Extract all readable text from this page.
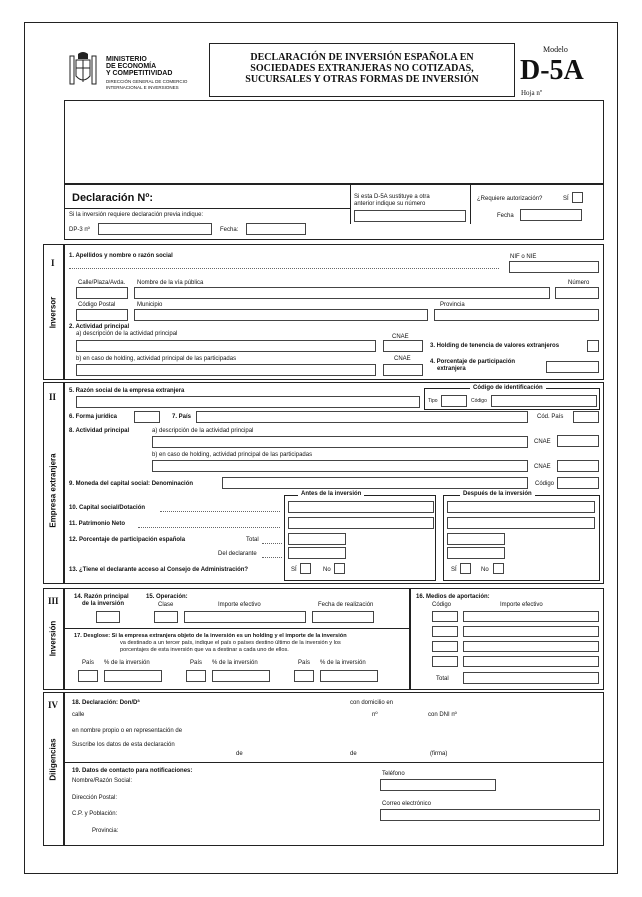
MINISTERIO
DE ECONOMÍA
Y COMPETITIVIDAD
DIRECCIÓN GENERAL DE COMERCIO
INTERNACIONAL E INVERSIONES
DECLARACIÓN DE INVERSIÓN ESPAÑOLA EN
SOCIEDADES EXTRANJERAS NO COTIZADAS,
SUCURSALES Y OTRAS FORMAS DE INVERSIÓN
Modelo
D-5A
Hoja nº
Declaración Nº:	Si esta D-5A sustituye a otra
anterior indique su número
¿Requiere autorización?	SÍ
Fecha
Si la inversión requiere declaración previa indique:
DP-3 nº	Fecha:
I
Inversor
1. Apellidos y nombre o razón social	NIF o NIE
Calle/Plaza/Avda. Nombre de la vía pública	Número
Código Postal	Municipio	Provincia
2. Actividad principal
a) descripción de la actividad principal	CNAE
3. Holding de tenencia de valores extranjeros
b) en caso de holding, actividad principal de las participadas	CNAE	4. Porcentaje de participación
extranjera
II
Empresa extranjera
5. Razón social de la empresa extranjera	Código de identificación
Tipo	Código
6. Forma jurídica	7. País	Cód. País
8. Actividad principal	a) descripción de la actividad principal
CNAE
b) en caso de holding, actividad principal de las participadas
CNAE
9. Moneda del capital social: Denominación	Código
Antes de la inversión	Después de la inversión
10. Capital social/Dotación
11. Patrimonio Neto
12. Porcentaje de participación española	Total
Del declarante
13. ¿Tiene el declarante acceso al Consejo de Administración?	SÍ	No	SÍ	No
III
Inversión
14. Razón principal
de la inversión
15. Operación:
Clase	Importe efectivo	Fecha de realización
17. Desglose: Si la empresa extranjera objeto de la inversión es un holding y el importe de la inversión
va destinado a un tercer país, indique el país o países destino último de la inversión y los
porcentajes de esta inversión que va a destinar a cada uno de ellos.
País % de la inversión	País % de la inversión	País % de la inversión
16. Medios de aportación:
Código	Importe efectivo
Total
IV
Diligencias
18. Declaración: Don/Dª	con domicilio en
calle	nº	con DNI nº
en nombre propio o en representación de
Suscribe los datos de esta declaración
de	de	(firma)
19. Datos de contacto para notificaciones:
Nombre/Razón Social:
Teléfono
Dirección Postal:
Correo electrónico
C.P. y Población:
Provincia:
